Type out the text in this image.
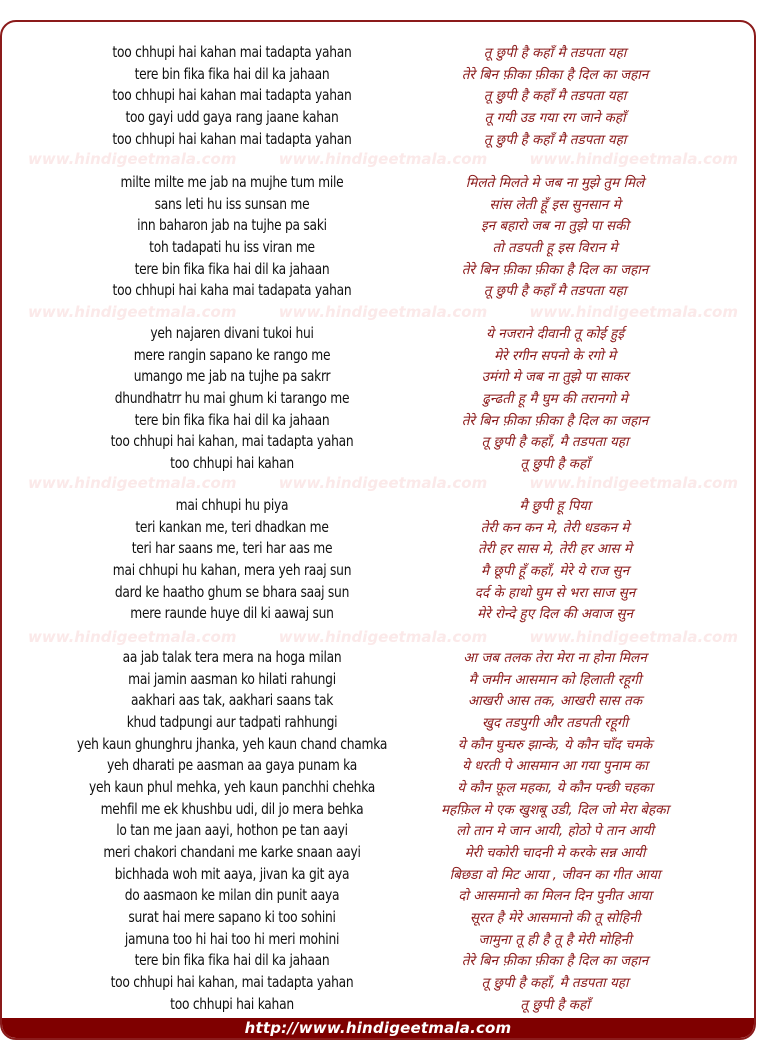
www.hindigeetmala.com	www.hindigeetmala.com	www.hindigeetmala.com
www.hindigeetmala.com	www.hindigeetmala.com	www.hindigeetmala.com
www.hindigeetmala.com	www.hindigeetmala.com	www.hindigeetmala.com
www.hindigeetmala.com	www.hindigeetmala.com	www.hindigeetmala.com
too chhupi hai kahan mai tadapta yahan	तू छुपी है कहाँ मै तडपता यहा
tere bin fika fika hai dil ka jahaan	तेरे बिन फ़ीका फ़ीका है दिल का जहान
too chhupi hai kahan mai tadapta yahan	तू छुपी है कहाँ मै तडपता यहा
too gayi udd gaya rang jaane kahan	तू गयी उड गया रग जाने कहाँ
too chhupi hai kahan mai tadapta yahan	तू छुपी है कहाँ मै तडपता यहा
milte milte me jab na mujhe tum mile	मिलते मिलते मे जब ना मुझे तुम मिले
sans leti hu iss sunsan me	सांस लेती हूँ इस सुनसान मे
inn baharon jab na tujhe pa saki	इन बहारो जब ना तुझे पा सकी
toh tadapati hu iss viran me	तो तडपती हू इस विरान मे
tere bin fika fika hai dil ka jahaan	तेरे बिन फ़ीका फ़ीका है दिल का जहान
too chhupi hai kaha mai tadapata yahan	तू छुपी है कहाँ मै तडपता यहा
yeh najaren divani tukoi hui	ये नजराने दीवानी तू कोई हुई
mere rangin sapano ke rango me	मेरे रगीन सपनो के रगो मे
umango me jab na tujhe pa sakrr	उमंगो मे जब ना तुझे पा साकर
dhundhatrr hu mai ghum ki tarango me	ढुन्ढती हू मै घुम की तरानगो मे
tere bin fika fika hai dil ka jahaan	तेरे बिन फ़ीका फ़ीका है दिल का जहान
too chhupi hai kahan, mai tadapta yahan	तू छुपी है कहाँ, मै तडपता यहा
too chhupi hai kahan	तू छुपी है कहाँ
mai chhupi hu piya	मै छुपी हू पिया
teri kankan me, teri dhadkan me	तेरी कन कन मे, तेरी धडकन मे
teri har saans me, teri har aas me	तेरी हर सास मे, तेरी हर आस मे
mai chhupi hu kahan, mera yeh raaj sun	मै छूपी हूँ कहाँ, मेरे ये राज सुन
dard ke haatho ghum se bhara saaj sun	दर्द के हाथो घुम से भरा साज सुन
mere raunde huye dil ki aawaj sun	मेरे रोन्दे हुए दिल की अवाज सुन
aa jab talak tera mera na hoga milan	आ जब तलक तेरा मेरा ना होना मिलन
mai jamin aasman ko hilati rahungi	मै जमीन आसमान को हिलाती रहूगी
aakhari aas tak, aakhari saans tak	आखरी आस तक, आखरी सास तक
khud tadpungi aur tadpati rahhungi	खुद तडपुगी और तडपती रहूगी
yeh kaun ghunghru jhanka, yeh kaun chand chamka	ये कौन घुन्घरु झान्के, ये कौन चाँद चमके
yeh dharati pe aasman aa gaya punam ka	ये धरती पे आसमान आ गया पुनाम का
yeh kaun phul mehka, yeh kaun panchhi chehka	ये कौन फ़ूल महका, ये कौन पन्छी चहका
mehfil me ek khushbu udi, dil jo mera behka	महफ़िल मे एक खुशबू उडी, दिल जो मेरा बेहका
lo tan me jaan aayi, hothon pe tan aayi	लो तान मे जान आयी, होठो पे तान आयी
meri chakori chandani me karke snaan aayi	मेरी चकोरी चादनी मे करके सन्न आयी
bichhada woh mit aaya, jivan ka git aya	बिछडा वो मिट आया , जीवन का गीत आया
do aasmaon ke milan din punit aaya	दो आसमानो का मिलन दिन पुनीत आया
surat hai mere sapano ki too sohini	सूरत है मेरे आसमानो की तू सोहिनी
jamuna too hi hai too hi meri mohini	जामुना तू ही है तू है मेरी मोहिनी
tere bin fika fika hai dil ka jahaan	तेरे बिन फ़ीका फ़ीका है दिल का जहान
too chhupi hai kahan, mai tadapta yahan	तू छुपी है कहाँ, मै तडपता यहा
too chhupi hai kahan	तू छुपी है कहाँ
http://www.hindigeetmala.com
